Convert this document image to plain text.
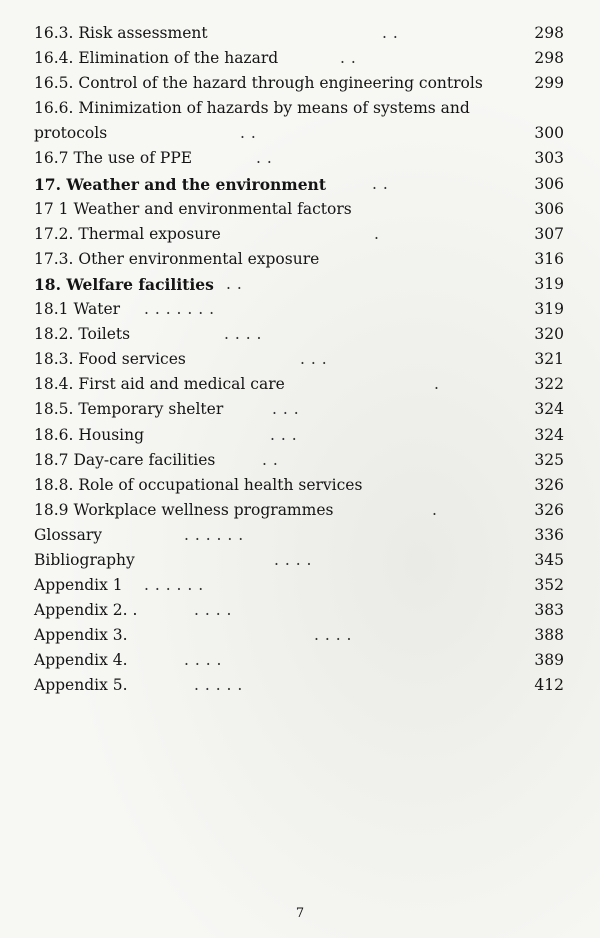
16.3. Risk assessment	. .	298
16.4. Elimination of the hazard	. .	298
16.5. Control of the hazard through engineering controls	299
16.6. Minimization of hazards by means of systems and
protocols	. .	300
16.7 The use of PPE	. .	303
17. Weather and the environment	. .	306
17 1 Weather and environmental factors	306
17.2. Thermal exposure	.	307
17.3. Other environmental exposure	316
18. Welfare facilities . .	319
18.1 Water . . . . . . .	319
18.2. Toilets	. . . .	320
18.3. Food services	. . .	321
18.4. First aid and medical care	.	322
18.5. Temporary shelter	. . .	324
18.6. Housing	. . .	324
18.7 Day-care facilities	. .	325
18.8. Role of occupational health services	326
18.9 Workplace wellness programmes	.	326
Glossary	. . . . . .	336
Bibliography	. . . .	345
Appendix 1 . . . . . .	352
Appendix 2. .	. . . .	383
Appendix 3.	. . . .	388
Appendix 4.	. . . .	389
Appendix 5.	. . . . .	412
7
